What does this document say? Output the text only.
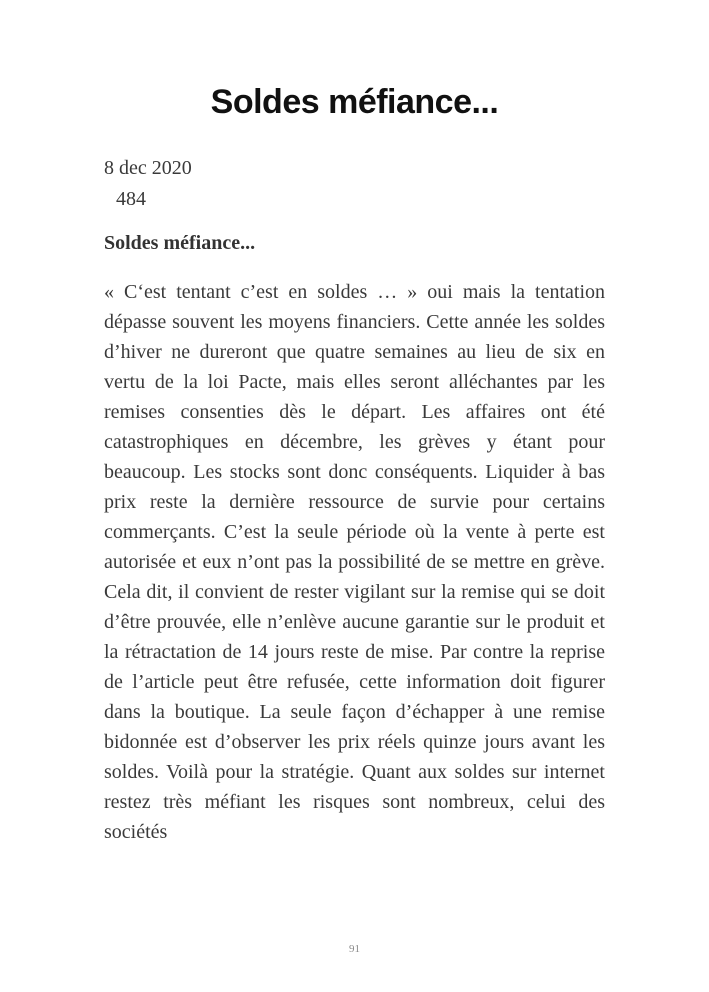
Soldes méfiance...
8 dec 2020
484
Soldes méfiance...

« C‘est tentant c’est en soldes … » oui mais la tentation dépasse souvent les moyens financiers. Cette année les soldes d’hiver ne dureront que quatre semaines au lieu de six en vertu de la loi Pacte, mais elles seront alléchantes par les remises consenties dès le départ. Les affaires ont été catastrophiques en décembre, les grèves y étant pour beaucoup. Les stocks sont donc conséquents. Liquider à bas prix reste la dernière ressource de survie pour certains commerçants. C’est la seule période où la vente à perte est autorisée et eux n’ont pas la possibilité de se mettre en grève. Cela dit, il convient de rester vigilant sur la remise qui se doit d’être prouvée, elle n’enlève aucune garantie sur le produit et la rétractation de 14 jours reste de mise. Par contre la reprise de l’article peut être refusée, cette information doit figurer dans la boutique. La seule façon d’échapper à une remise bidonnée est d’observer les prix réels quinze jours avant les soldes. Voilà pour la stratégie. Quant aux soldes sur internet restez très méfiant les risques sont nombreux, celui des sociétés

91
